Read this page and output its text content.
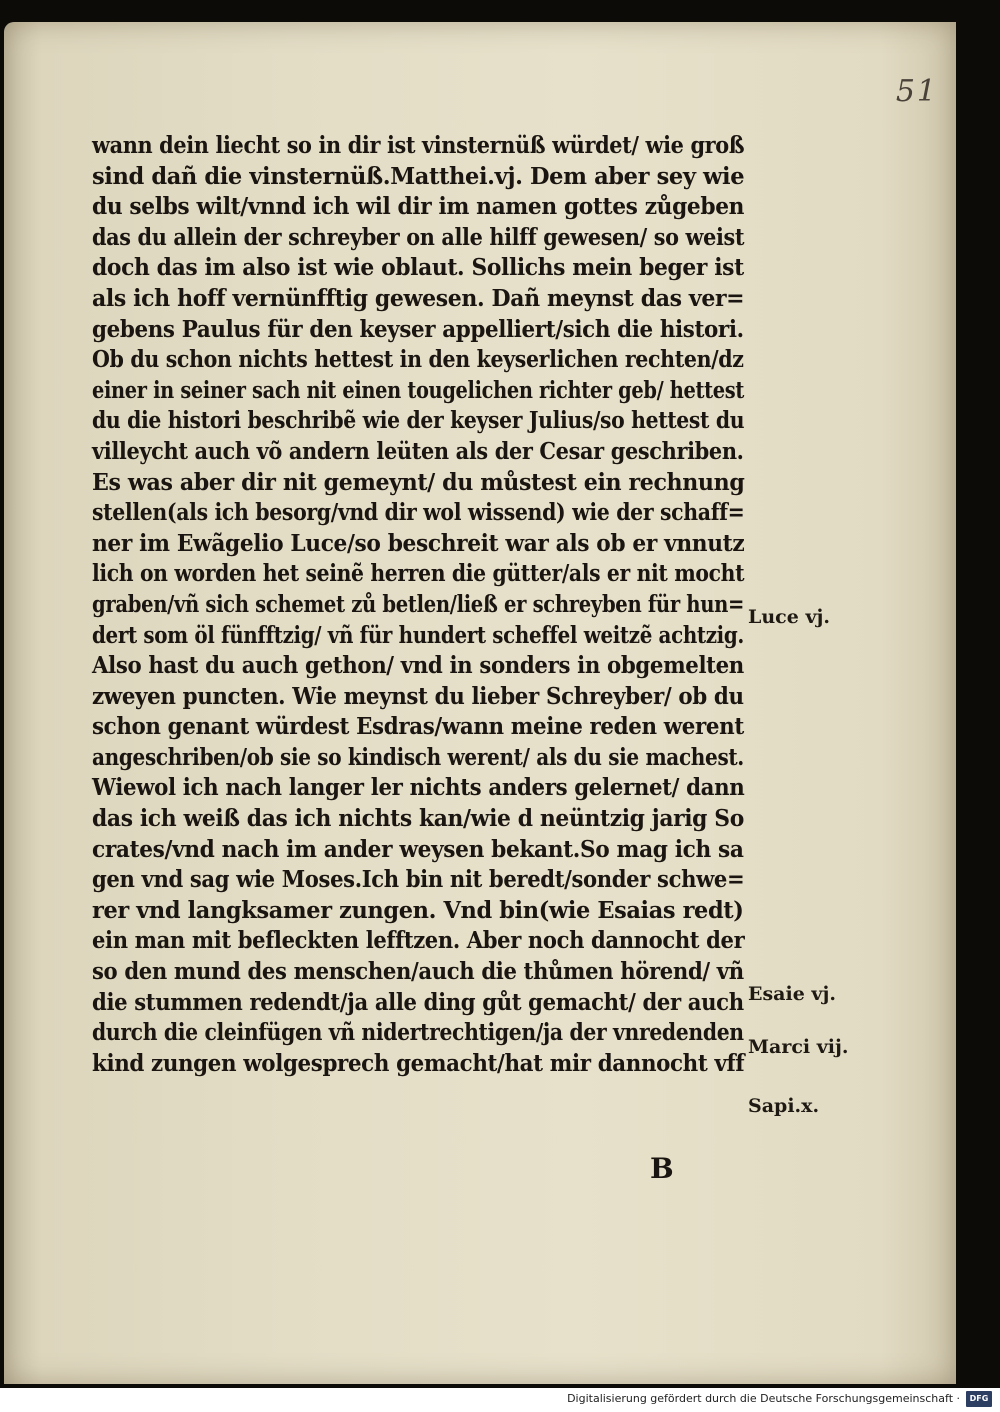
51
wann dein liecht so in dir ist vinsternüß würdet/ wie groß
sind dañ die vinsternüß.Matthei.vj. Dem aber sey wie
du selbs wilt/vnnd ich wil dir im namen gottes zůgeben
das du allein der schreyber on alle hilff gewesen/ so weist
doch das im also ist wie oblaut. Sollichs mein beger ist
als ich hoff vernünfftig gewesen. Dañ meynst das ver=
gebens Paulus für den keyser appelliert/sich die histori.
Ob du schon nichts hettest in den keyserlichen rechten/dz
einer in seiner sach nit einen tougelichen richter geb/ hettest
du die histori beschribẽ wie der keyser Julius/so hettest du
villeycht auch võ andern leüten als der Cesar geschriben.
Es was aber dir nit gemeynt/ du můstest ein rechnung
stellen(als ich besorg/vnd dir wol wissend) wie der schaff=
ner im Ewãgelio Luce/so beschreit war als ob er vnnutz
lich on worden het seinẽ herren die gütter/als er nit mocht
graben/vñ sich schemet zů betlen/ließ er schreyben für hun=
dert som öl fünfftzig/ vñ für hundert scheffel weitzẽ achtzig.
Also hast du auch gethon/ vnd in sonders in obgemelten
zweyen puncten. Wie meynst du lieber Schreyber/ ob du
schon genant würdest Esdras/wann meine reden werent
angeschriben/ob sie so kindisch werent/ als du sie machest.
Wiewol ich nach langer ler nichts anders gelernet/ dann
das ich weiß das ich nichts kan/wie d neüntzig jarig So
crates/vnd nach im ander weysen bekant.So mag ich sa
gen vnd sag wie Moses.Ich bin nit beredt/sonder schwe=
rer vnd langksamer zungen. Vnd bin(wie Esaias redt)
ein man mit befleckten lefftzen. Aber noch dannocht der
so den mund des menschen/auch die thůmen hörend/ vñ
die stummen redendt/ja alle ding gůt gemacht/ der auch
durch die cleinfügen vñ nidertrechtigen/ja der vnredenden
kind zungen wolgesprech gemacht/hat mir dannocht vff
Luce vj.
Esaie vj.
Marci vij.
Sapi.x.
B
Digitalisierung gefördert durch die Deutsche Forschungsgemeinschaft ·	DFG
